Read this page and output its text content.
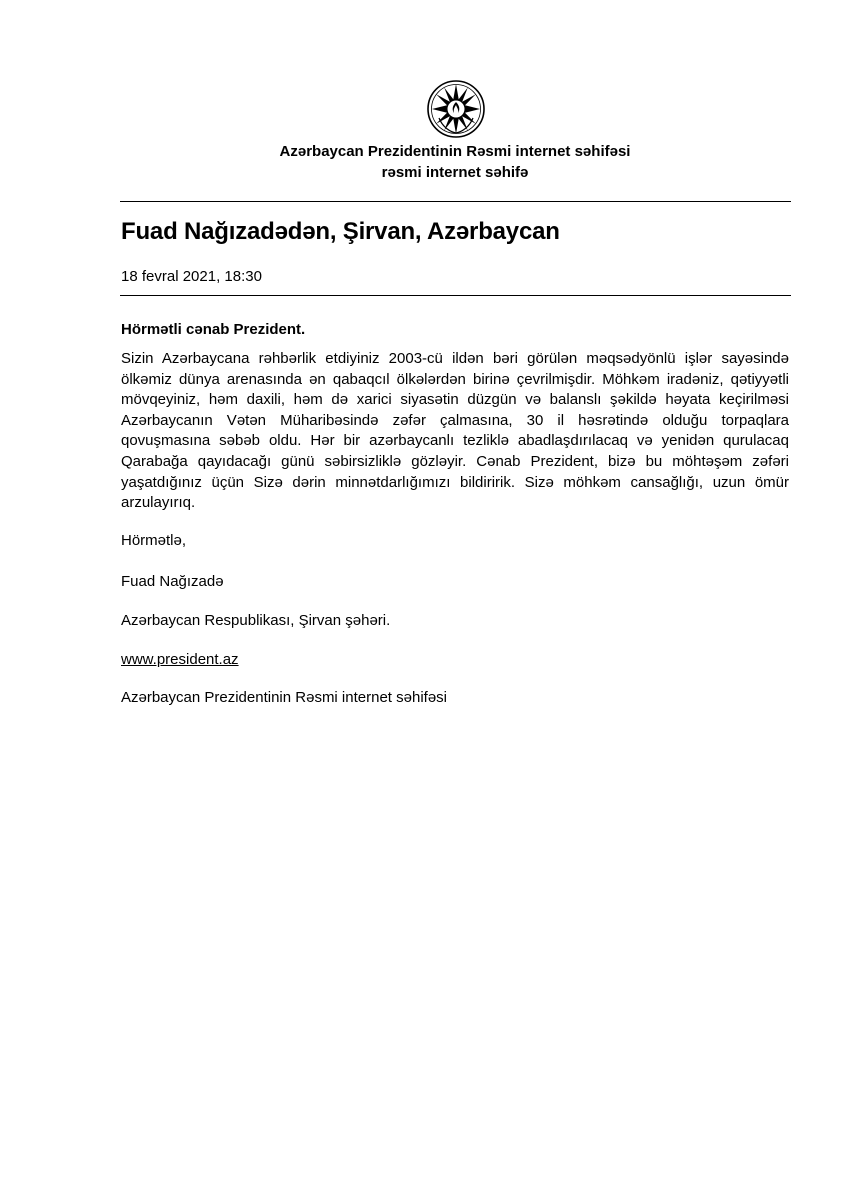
Azərbaycan Prezidentinin Rəsmi internet səhifəsi
rəsmi internet səhifə
Fuad Nağızadədən, Şirvan, Azərbaycan
18 fevral 2021, 18:30
Hörmətli cənab Prezident.
Sizin Azərbaycana rəhbərlik etdiyiniz 2003-cü ildən bəri görülən məqsədyönlü işlər sayəsində ölkəmiz dünya arenasında ən qabaqcıl ölkələrdən birinə çevrilmişdir. Möhkəm iradəniz, qətiyyətli mövqeyiniz, həm daxili, həm də xarici siyasətin düzgün və balanslı şəkildə həyata keçirilməsi Azərbaycanın Vətən Müharibəsində zəfər çalmasına, 30 il həsrətində olduğu torpaqlara qovuşmasına səbəb oldu. Hər bir azərbaycanlı tezliklə abadlaşdırılacaq və yenidən qurulacaq Qarabağa qayıdacağı günü səbirsizliklə gözləyir. Cənab Prezident, bizə bu möhtəşəm zəfəri yaşatdığınız üçün Sizə dərin minnətdarlığımızı bildiririk. Sizə möhkəm cansağlığı, uzun ömür arzulayırıq.
Hörmətlə,
Fuad Nağızadə
Azərbaycan Respublikası, Şirvan şəhəri.
www.president.az
Azərbaycan Prezidentinin Rəsmi internet səhifəsi
